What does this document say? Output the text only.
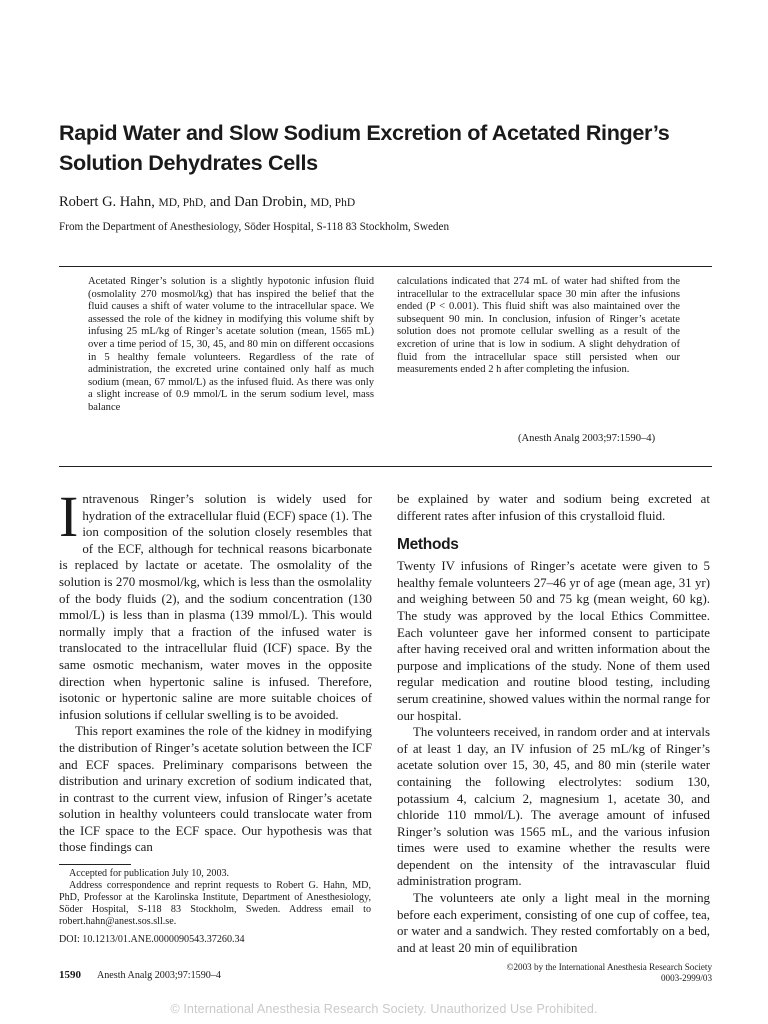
Rapid Water and Slow Sodium Excretion of Acetated Ringer’s Solution Dehydrates Cells
Robert G. Hahn, MD, PhD, and Dan Drobin, MD, PhD
From the Department of Anesthesiology, Söder Hospital, S-118 83 Stockholm, Sweden

Acetated Ringer’s solution is a slightly hypotonic infusion fluid (osmolality 270 mosmol/kg) that has inspired the belief that the fluid causes a shift of water volume to the intracellular space. We assessed the role of the kidney in modifying this volume shift by infusing 25 mL/kg of Ringer’s acetate solution (mean, 1565 mL) over a time period of 15, 30, 45, and 80 min on different occasions in 5 healthy female volunteers. Regardless of the rate of administration, the excreted urine contained only half as much sodium (mean, 67 mmol/L) as the infused fluid. As there was only a slight increase of 0.9 mmol/L in the serum sodium level, mass balance

calculations indicated that 274 mL of water had shifted from the intracellular to the extracellular space 30 min after the infusions ended (P < 0.001). This fluid shift was also maintained over the subsequent 90 min. In conclusion, infusion of Ringer’s acetate solution does not promote cellular swelling as a result of the excretion of urine that is low in sodium. A slight dehydration of fluid from the intracellular space still persisted when our measurements ended 2 h after completing the infusion.

(Anesth Analg 2003;97:1590–4)

Intravenous Ringer’s solution is widely used for hydration of the extracellular fluid (ECF) space (1). The ion composition of the solution closely resembles that of the ECF, although for technical reasons bicarbonate is replaced by lactate or acetate. The osmolality of the solution is 270 mosmol/kg, which is less than the osmolality of the body fluids (2), and the sodium concentration (130 mmol/L) is less than in plasma (139 mmol/L). This would normally imply that a fraction of the infused water is translocated to the intracellular fluid (ICF) space. By the same osmotic mechanism, water moves in the opposite direction when hypertonic saline is infused. Therefore, isotonic or hypertonic saline are more suitable choices of infusion solutions if cellular swelling is to be avoided.

This report examines the role of the kidney in modifying the distribution of Ringer’s acetate solution between the ICF and ECF spaces. Preliminary comparisons between the distribution and urinary excretion of sodium indicated that, in contrast to the current view, infusion of Ringer’s acetate solution in healthy volunteers could translocate water from the ICF space to the ECF space. Our hypothesis was that those findings can

be explained by water and sodium being excreted at different rates after infusion of this crystalloid fluid.

Methods

Twenty IV infusions of Ringer’s acetate were given to 5 healthy female volunteers 27–46 yr of age (mean age, 31 yr) and weighing between 50 and 75 kg (mean weight, 60 kg). The study was approved by the local Ethics Committee. Each volunteer gave her informed consent to participate after having received oral and written information about the purpose and implications of the study. None of them used regular medication and routine blood testing, including serum creatinine, showed values within the normal range for our hospital.

The volunteers received, in random order and at intervals of at least 1 day, an IV infusion of 25 mL/kg of Ringer’s acetate solution over 15, 30, 45, and 80 min (sterile water containing the following electrolytes: sodium 130, potassium 4, calcium 2, magnesium 1, acetate 30, and chloride 110 mmol/L). The average amount of infused Ringer’s solution was 1565 mL, and the various infusion times were used to examine whether the results were dependent on the intensity of the intravascular fluid administration program.

The volunteers ate only a light meal in the morning before each experiment, consisting of one cup of coffee, tea, or water and a sandwich. They rested comfortably on a bed, and at least 20 min of equilibration

Accepted for publication July 10, 2003.

Address correspondence and reprint requests to Robert G. Hahn, MD, PhD, Professor at the Karolinska Institute, Department of Anesthesiology, Söder Hospital, S-118 83 Stockholm, Sweden. Address email to robert.hahn@anest.sos.sll.se.

DOI: 10.1213/01.ANE.0000090543.37260.34

1590 Anesth Analg 2003;97:1590–4
©2003 by the International Anesthesia Research Society
0003-2999/03
© International Anesthesia Research Society. Unauthorized Use Prohibited.
